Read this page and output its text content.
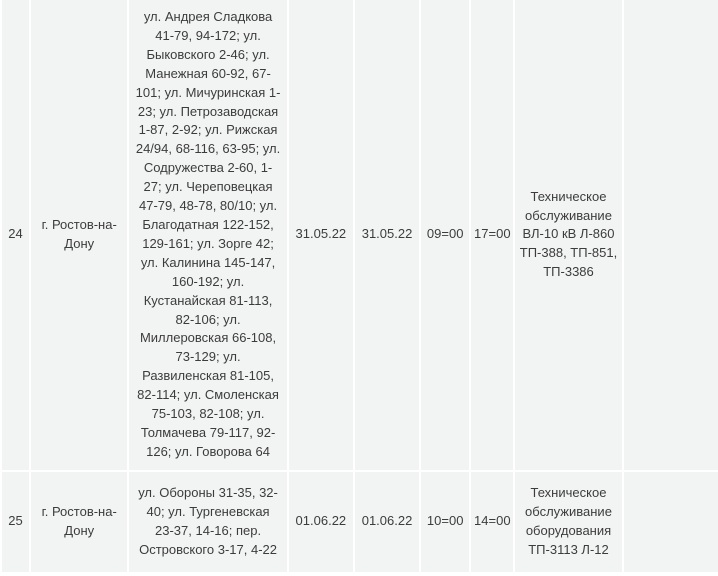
24	г. Ростов-на-Дону	ул. Андрея Сладкова 41-79, 94-172; ул. Быковского 2-46; ул. Манежная 60-92, 67-101; ул. Мичуринская 1-23; ул. Петрозаводская 1-87, 2-92; ул. Рижская 24/94, 68-116, 63-95; ул. Содружества 2-60, 1-27; ул. Череповецкая 47-79, 48-78, 80/10; ул. Благодатная 122-152, 129-161; ул. Зорге 42; ул. Калинина 145-147, 160-192; ул. Кустанайская 81-113, 82-106; ул. Миллеровская 66-108, 73-129; ул. Развиленская 81-105, 82-114; ул. Смоленская 75-103, 82-108; ул. Толмачева 79-117, 92-126; ул. Говорова 64	31.05.22	31.05.22	09=00	17=00	Техническое обслуживание ВЛ-10 кВ Л-860 ТП-388, ТП-851, ТП-3386	
25	г. Ростов-на-Дону	ул. Обороны 31-35, 32-40; ул. Тургеневская 23-37, 14-16; пер. Островского 3-17, 4-22	01.06.22	01.06.22	10=00	14=00	Техническое обслуживание оборудования ТП-3113 Л-12	
